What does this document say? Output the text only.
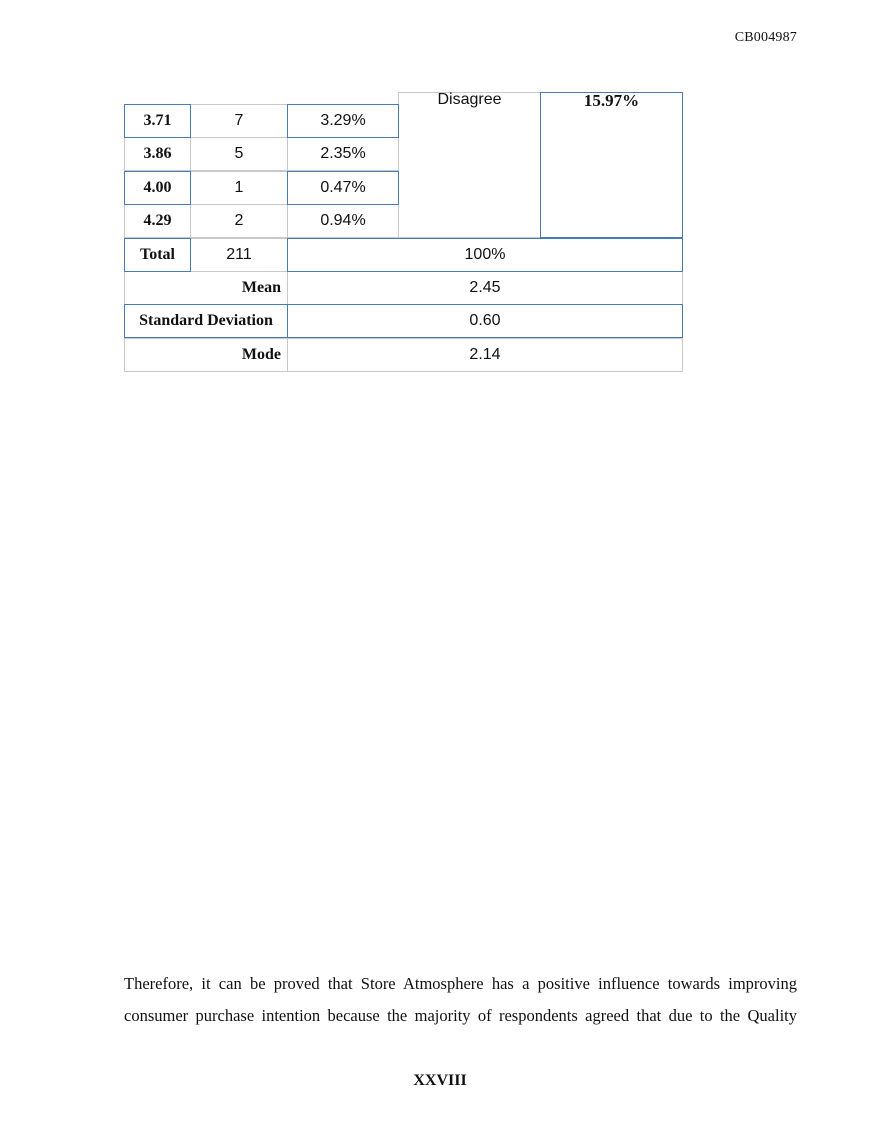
CB004987
Disagree	15.97%
3.71	7	3.29%
3.86	5	2.35%
4.00	1	0.47%
4.29	2	0.94%
Total	211	100%
Mean	2.45
Standard Deviation	0.60
Mode	2.14
Therefore, it can be proved that Store Atmosphere has a positive influence towards improving
consumer purchase intention because the majority of respondents agreed that due to the Quality
XXVIII
